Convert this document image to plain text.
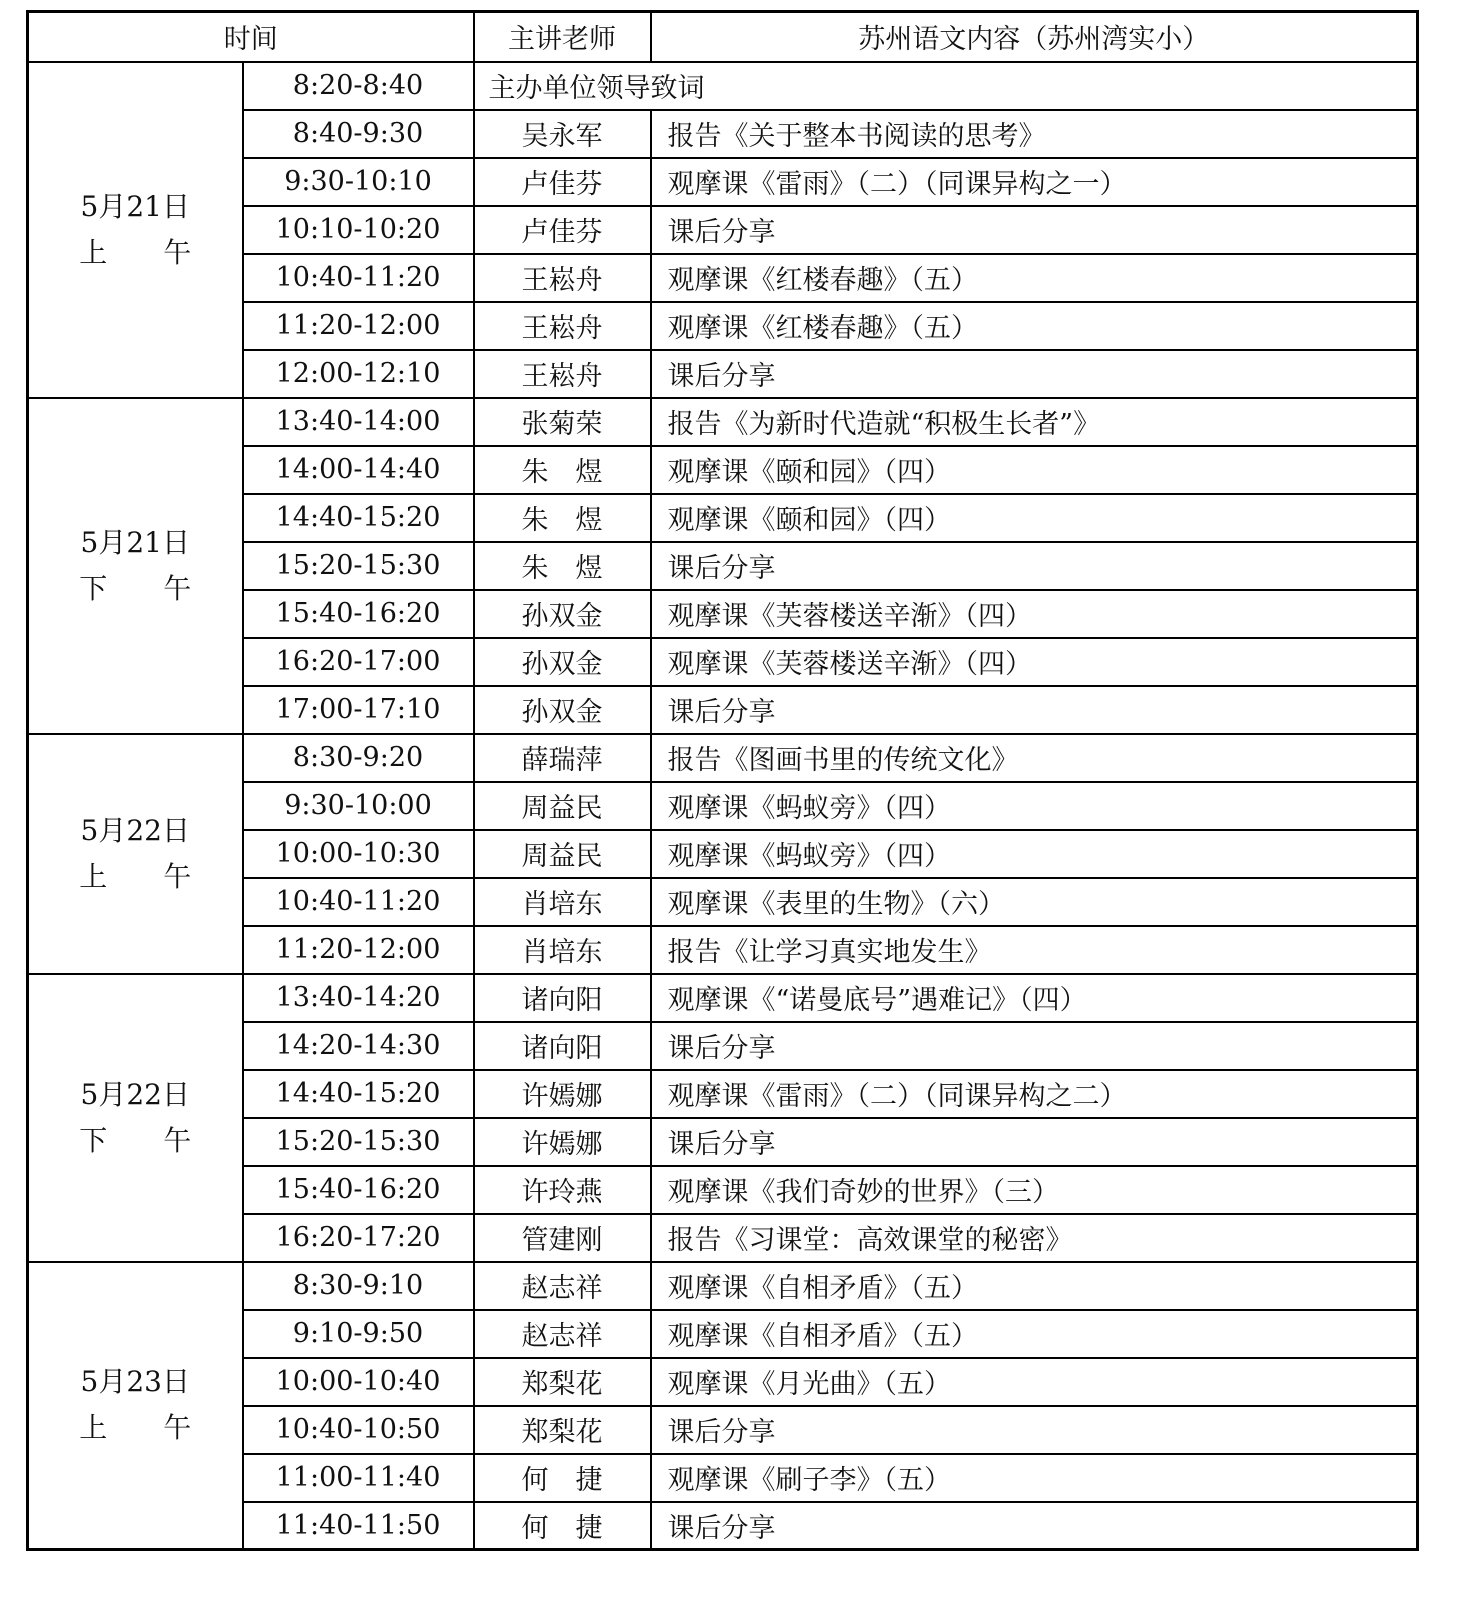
时间		主讲老师	苏州语文内容（苏州湾实小）

5月21日
上　　午	8:20-8:40	主办单位领导致词	
	8:40-9:30	吴永军	报告《关于整本书阅读的思考》
	9:30-10:10	卢佳芬	观摩课《雷雨》（二）（同课异构之一）
	10:10-10:20	卢佳芬	课后分享
	10:40-11:20	王崧舟	观摩课《红楼春趣》（五）
	11:20-12:00	王崧舟	观摩课《红楼春趣》（五）
	12:00-12:10	王崧舟	课后分享

5月21日
下　　午	13:40-14:00	张菊荣	报告《为新时代造就“积极生长者”》
	14:00-14:40	朱　煜	观摩课《颐和园》（四）
	14:40-15:20	朱　煜	观摩课《颐和园》（四）
	15:20-15:30	朱　煜	课后分享
	15:40-16:20	孙双金	观摩课《芙蓉楼送辛渐》（四）
	16:20-17:00	孙双金	观摩课《芙蓉楼送辛渐》（四）
	17:00-17:10	孙双金	课后分享

5月22日
上　　午	8:30-9:20	薛瑞萍	报告《图画书里的传统文化》
	9:30-10:00	周益民	观摩课《蚂蚁旁》（四）
	10:00-10:30	周益民	观摩课《蚂蚁旁》（四）
	10:40-11:20	肖培东	观摩课《表里的生物》（六）
	11:20-12:00	肖培东	报告《让学习真实地发生》

5月22日
下　　午	13:40-14:20	诸向阳	观摩课《“诺曼底号”遇难记》（四）
	14:20-14:30	诸向阳	课后分享
	14:40-15:20	许嫣娜	观摩课《雷雨》（二）（同课异构之二）
	15:20-15:30	许嫣娜	课后分享
	15:40-16:20	许玲燕	观摩课《我们奇妙的世界》（三）
	16:20-17:20	管建刚	报告《习课堂：高效课堂的秘密》

5月23日
上　　午	8:30-9:10	赵志祥	观摩课《自相矛盾》（五）
	9:10-9:50	赵志祥	观摩课《自相矛盾》（五）
	10:00-10:40	郑梨花	观摩课《月光曲》（五）
	10:40-10:50	郑梨花	课后分享
	11:00-11:40	何　捷	观摩课《刷子李》（五）
	11:40-11:50	何　捷	课后分享
